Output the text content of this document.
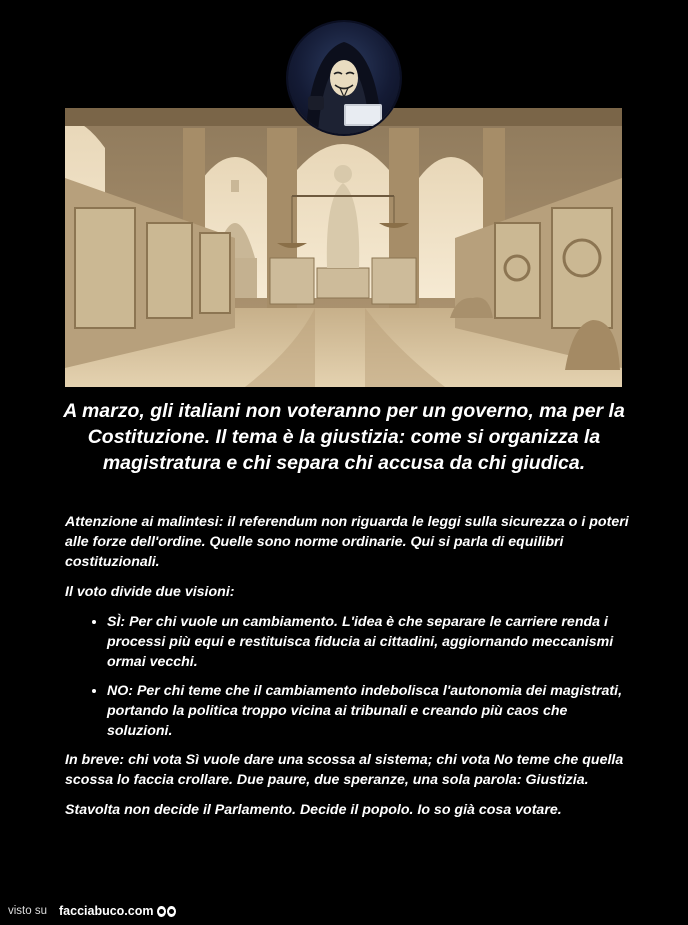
A marzo, gli italiani non voteranno per un governo, ma per la Costituzione. Il tema è la giustizia: come si organizza la magistratura e chi separa chi accusa da chi giudica.

Attenzione ai malintesi: il referendum non riguarda le leggi sulla sicurezza o i poteri alle forze dell'ordine. Quelle sono norme ordinarie. Qui si parla di equilibri costituzionali.

Il voto divide due visioni:

• SÌ: Per chi vuole un cambiamento. L'idea è che separare le carriere renda i processi più equi e restituisca fiducia ai cittadini, aggiornando meccanismi ormai vecchi.
• NO: Per chi teme che il cambiamento indebolisca l'autonomia dei magistrati, portando la politica troppo vicina ai tribunali e creando più caos che soluzioni.

In breve: chi vota Sì vuole dare una scossa al sistema; chi vota No teme che quella scossa lo faccia crollare. Due paure, due speranze, una sola parola: Giustizia.

Stavolta non decide il Parlamento. Decide il popolo. Io so già cosa votare.

visto su facciabuco.com
